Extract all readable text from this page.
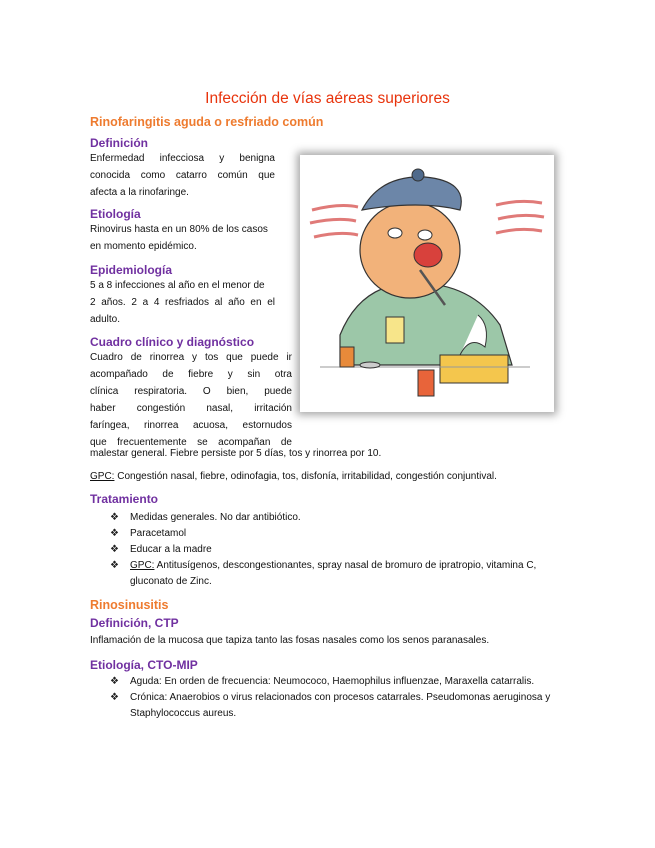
Infección de vías aéreas superiores
Rinofaringitis aguda o resfriado común
Definición

Enfermedad infecciosa y benigna

conocida como catarro común que

afecta a la rinofaringe.

Etiología

Rinovirus hasta en un 80% de los casos

en momento epidémico.

Epidemiología

5 a 8 infecciones al año en el menor de

2 años. 2 a 4 resfriados al año en el

adulto.

Cuadro clínico y diagnóstico

Cuadro de rinorrea y tos que puede ir

acompañado de fiebre y sin otra

clínica respiratoria. O bien, puede

haber congestión nasal, irritación

faríngea, rinorrea acuosa, estornudos

que frecuentemente se acompañan de

malestar general. Fiebre persiste por 5 días, tos y rinorrea por 10.
GPC: Congestión nasal, fiebre, odinofagia, tos, disfonía, irritabilidad, congestión conjuntival.
Tratamiento
❖ Medidas generales. No dar antibiótico.
❖ Paracetamol
❖ Educar a la madre
❖ GPC: Antitusígenos, descongestionantes, spray nasal de bromuro de ipratropio, vitamina C, gluconato de Zinc.
Rinosinusitis
Definición, CTP
Inflamación de la mucosa que tapiza tanto las fosas nasales como los senos paranasales.
Etiología, CTO-MIP
❖ Aguda: En orden de frecuencia: Neumococo, Haemophilus influenzae, Maraxella catarralis.
❖ Crónica: Anaerobios o virus relacionados con procesos catarrales. Pseudomonas aeruginosa y Staphylococcus aureus.
